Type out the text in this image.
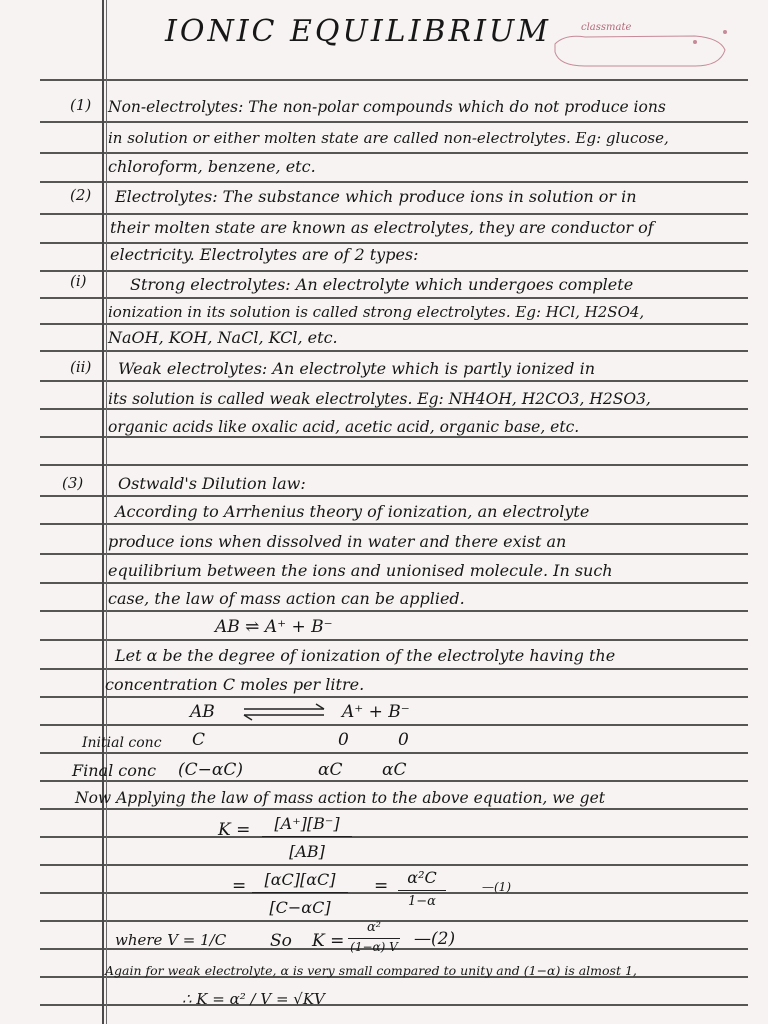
IONIC EQUILIBRIUM	classmate
(1) Non-electrolytes: The non-polar compounds which do not produce ions
in solution or either molten state are called non-electrolytes. Eg: glucose,
chloroform, benzene, etc.
(2) Electrolytes: The substance which produce ions in solution or in
their molten state are known as electrolytes, they are conductor of
electricity. Electrolytes are of 2 types:
(i)	Strong electrolytes: An electrolyte which undergoes complete
ionization in its solution is called strong electrolytes. Eg: HCl, H2SO4,
NaOH, KOH, NaCl, KCl, etc.
(ii) Weak electrolytes: An electrolyte which is partly ionized in
its solution is called weak electrolytes. Eg: NH4OH, H2CO3, H2SO3,
organic acids like oxalic acid, acetic acid, organic base, etc.
(3) Ostwald's Dilution law:
According to Arrhenius theory of ionization, an electrolyte
produce ions when dissolved in water and there exist an
equilibrium between the ions and unionised molecule. In such
case, the law of mass action can be applied.
AB ⇌ A⁺ + B⁻
Let α be the degree of ionization of the electrolyte having the
concentration C moles per litre.
AB	A⁺ + B⁻
Initial conc C	0	0
Final conc (C−αC)	αC αC
Now Applying the law of mass action to the above equation, we get
K =	[A⁺][B⁻]
[AB]
=	[αC][αC]
[C−αC]
=	α²C
1−α
—(1)
where V = 1/C	So K =
α²
(1−α) V —(2)
Again for weak electrolyte, α is very small compared to unity and (1−α) is almost 1,
∴ K = α² / V = √KV
